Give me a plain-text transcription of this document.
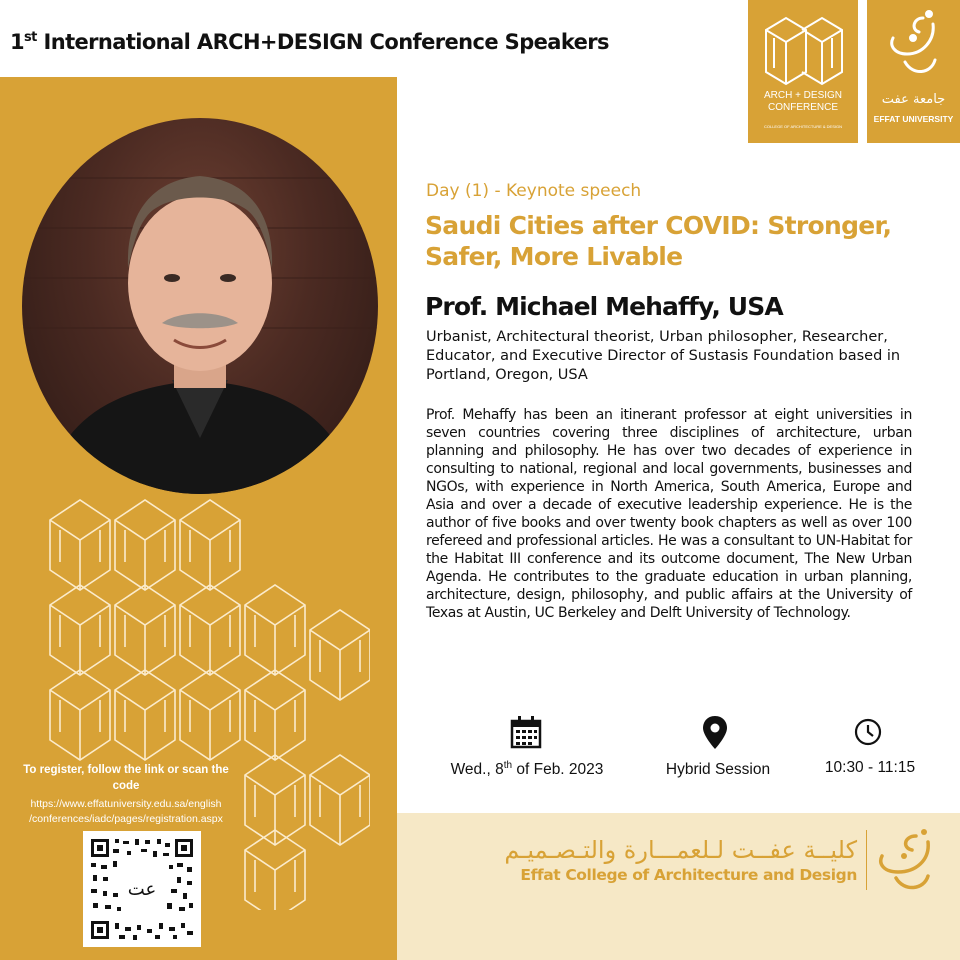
1st International ARCH+DESIGN Conference Speakers
To register, follow the link or scan the code
https://www.effatuniversity.edu.sa/english
/conferences/iadc/pages/registration.aspx
عت
ARCH + DESIGN
CONFERENCE
COLLEGE OF ARCHITECTURE & DESIGN
جامعة عفت
EFFAT UNIVERSITY
Day (1) - Keynote speech
Saudi Cities after COVID: Stronger, Safer, More Livable
Prof. Michael Mehaffy, USA
Urbanist, Architectural theorist, Urban philosopher, Researcher, Educator, and Executive Director of Sustasis Foundation based in Portland, Oregon, USA
Prof. Mehaffy has been an itinerant professor at eight universities in seven countries covering three disciplines of architecture, urban planning and philosophy. He has over two decades of experience in consulting to national, regional and local governments, businesses and NGOs, with experience in North America, South America, Europe and Asia and over a decade of executive leadership experience. He is the author of five books and over twenty book chapters as well as over 100 refereed and professional articles. He was a consultant to UN-Habitat for the Habitat III conference and its outcome document, The New Urban Agenda. He contributes to the graduate education in urban planning, architecture, design, philosophy, and public affairs at the University of Texas at Austin, UC Berkeley and Delft University of Technology.
Wed., 8th of Feb. 2023	Hybrid Session	10:30 - 11:15
كليــة عفــت لـلعمـــارة والتـصـميـم
Effat College of Architecture and Design
